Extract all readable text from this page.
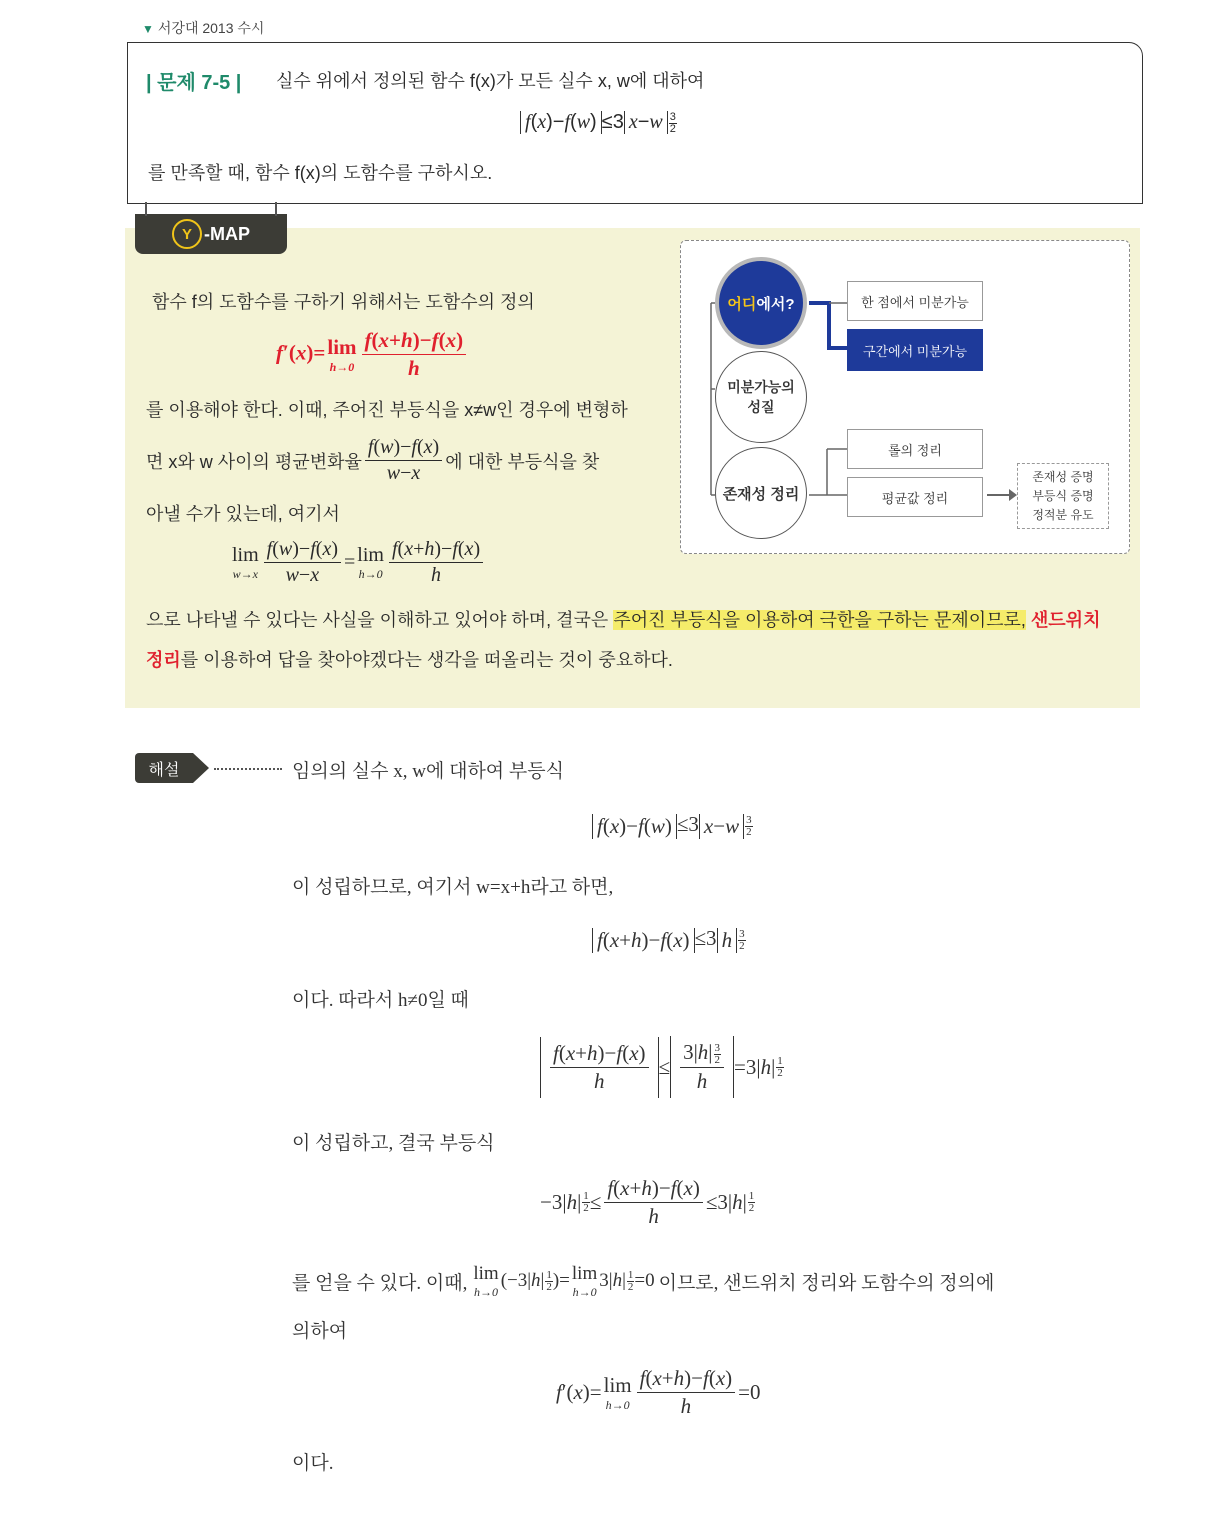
▼ 서강대 2013 수시
| 문제 7-5 | 실수 위에서 정의된 함수 f(x)가 모든 실수 x, w에 대하여
f ( x )− f ( w ) ≤3 x − w $\frac{3}{2}$
를 만족할 때, 함수 f(x)의 도함수를 구하시오.
Y -MAP
함수 f의 도함수를 구하기 위해서는 도함수의 정의
f′(x)= lim
$h\to 0 \frac{f(x+h)-f(x)}{h}$
를 이용해야 한다. 이때, 주어진 부등식을 x≠w인 경우에 변형하
면 x와 w 사이의 평균변화율 $\frac{f(w)-f(x)}{w-x}$ 에 대한 부등식을 찾
아낼 수가 있는데, 여기서
lim
$w\to x \frac{f(w)-f(x)}{w-x} = \lim$
$h\to 0 \frac{f(x+h)-f(x)}{h}$
으로 나타낼 수 있다는 사실을 이해하고 있어야 하며, 결국은 주어진 부등식을 이용하여 극한을 구하는 문제이므로, 샌드위치
정리를 이용하여 답을 찾아야겠다는 생각을 떠올리는 것이 중요하다.
어디에서?
미분가능의 성질
존재성 정리
한 점에서 미분가능
구간에서 미분가능
롤의 정리
평균값 정리
존재성 증명
부등식 증명
정적분 유도
해설	임의의 실수 x, w에 대하여 부등식
f ( x )− f ( w ) ≤3 x − w $\frac{3}{2}$
이 성립하므로, 여기서 w=x+h라고 하면,
f ( x + h )− f ( x ) ≤3 h $\frac{3}{2}$
이다. 따라서 h≠0일 때
$\frac{f(x+h)-f(x)}{h} \le \frac{3|h| \frac{3}{2}}{h} =3|$ h | 1
2
이 성립하고, 결국 부등식
−3| h | 1
$2 \le \frac{f(x+h)-f(x)}{h} \le 3|$ h | 1
2
를 얻을 수 있다. 이때, lim
h→0
(−3| h | 1
2 )= lim
h→0
3| h | 1
2 =0 이므로, 샌드위치 정리와 도함수의 정의에
의하여
f ′( x )= lim
$h\to 0 \frac{f(x+h)-f(x)}{h} =0$
이다.
